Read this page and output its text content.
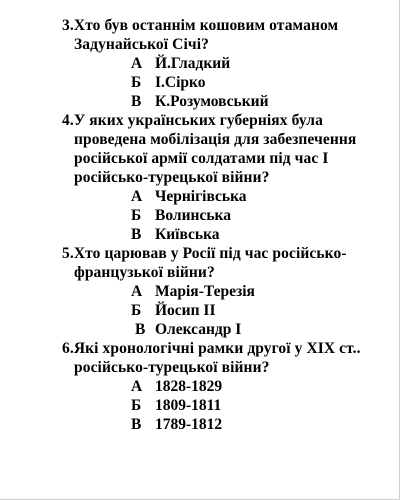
3.Хто був останнім кошовим отаманом
Задунайської Січі?
А Й.Гладкий
Б І.Сірко
В К.Розумовський
4.У яких українських губерніях була
проведена мобілізація для забезпечення
російської армії солдатами під час І
російсько-турецької війни?
А Чернігівська
Б Волинська
В Київська
5.Хто царював у Росії під час російсько-
французької війни?
А Марія-Терезія
Б Йосип ІІ
В Олександр І
6.Які хронологічні рамки другої у ХІХ ст..
російсько-турецької війни?
А 1828-1829
Б 1809-1811
В 1789-1812
